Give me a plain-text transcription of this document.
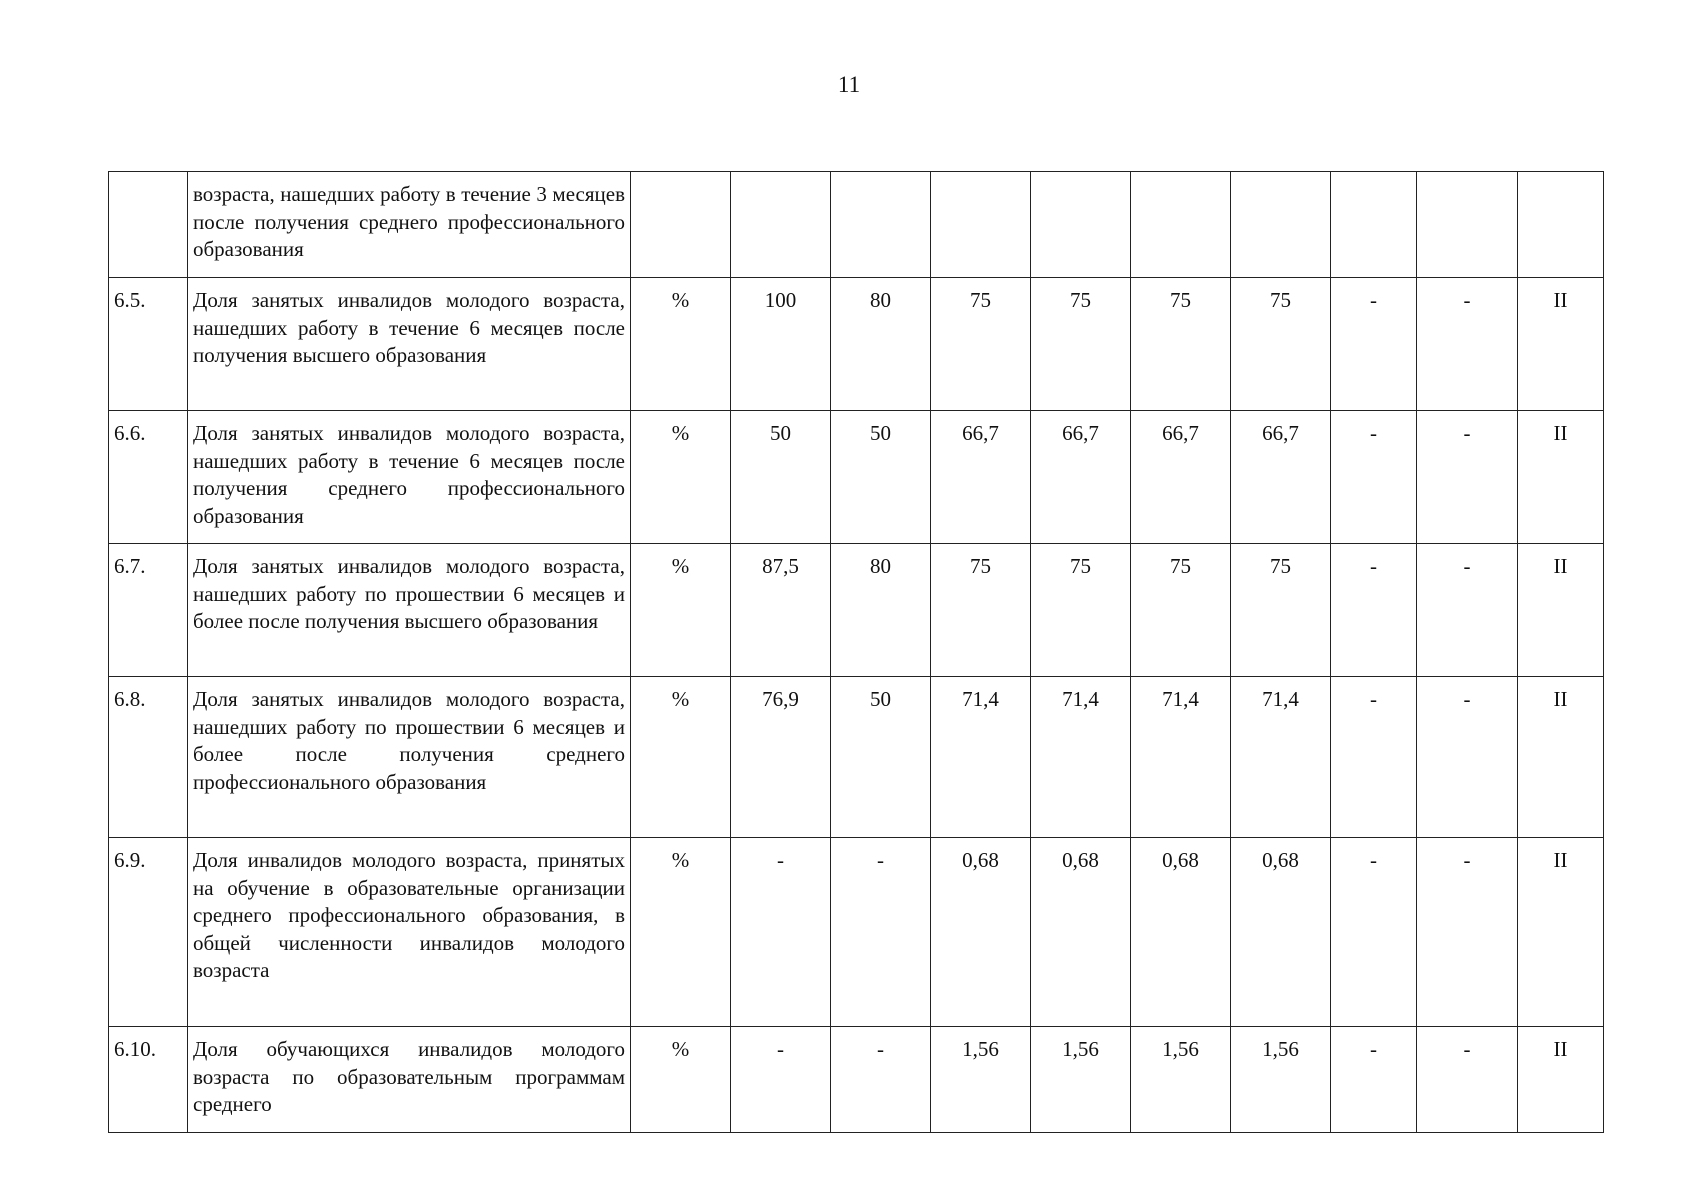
11
	возраста, нашедших работу в течение 3 месяцев после получения среднего профессионального образования										
6.5.	Доля занятых инвалидов молодого возраста, нашедших работу в течение 6 месяцев после получения высшего образования	%	100	80	75	75	75	75	-	-	II
6.6.	Доля занятых инвалидов молодого возраста, нашедших работу в течение 6 месяцев после получения среднего профессионального образования	%	50	50	66,7	66,7	66,7	66,7	-	-	II
6.7.	Доля занятых инвалидов молодого возраста, нашедших работу по прошествии 6 месяцев и более после получения высшего образования	%	87,5	80	75	75	75	75	-	-	II
6.8.	Доля занятых инвалидов молодого возраста, нашедших работу по прошествии 6 месяцев и более после получения среднего профессионального образования	%	76,9	50	71,4	71,4	71,4	71,4	-	-	II
6.9.	Доля инвалидов молодого возраста, принятых на обучение в образовательные организации среднего профессионального образования, в общей численности инвалидов молодого возраста	%	-	-	0,68	0,68	0,68	0,68	-	-	II
6.10.	Доля обучающихся инвалидов молодого возраста по образовательным программам среднего	%	-	-	1,56	1,56	1,56	1,56	-	-	II
